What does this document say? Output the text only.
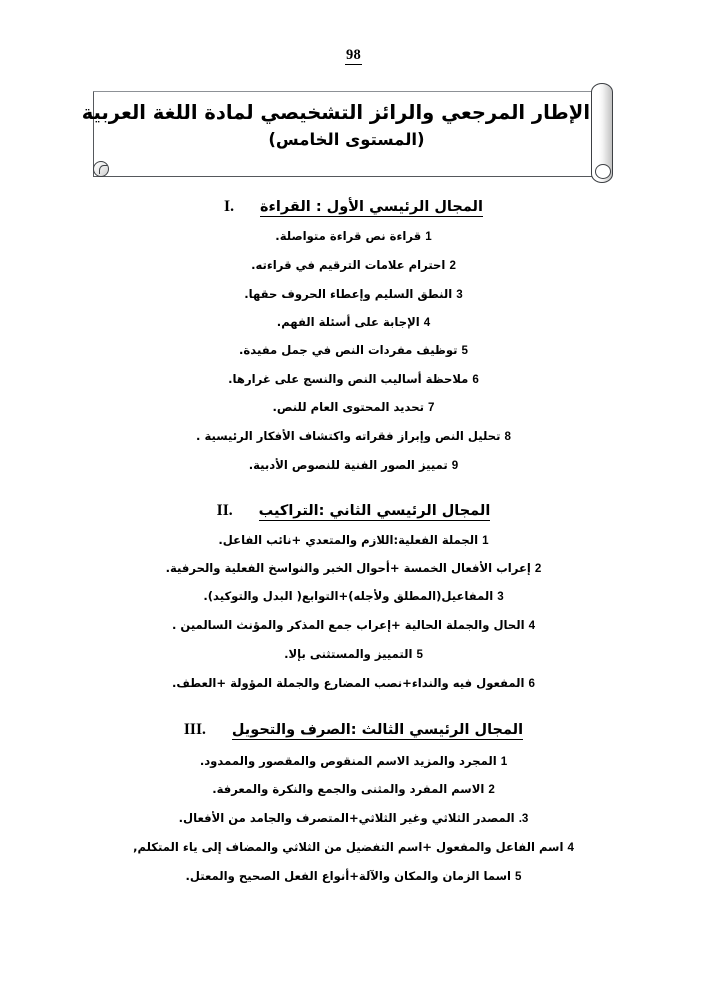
98
الإطار المرجعي والرائز التشخيصي لمادة اللغة العربية
(المستوى الخامس)
المجال الرئيسي الأول : القراءةI.
1 قراءة نص قراءة متواصلة.
2 احترام علامات الترقيم في قراءته.
3 النطق السليم وإعطاء الحروف حقها.
4 الإجابة على أسئلة الفهم.
5 توظيف مفردات النص في جمل مفيدة.
6 ملاحظة أساليب النص والنسج على غرارها.
7 تحديد المحتوى العام للنص.
8 تحليل النص وإبراز فقراته واكتشاف الأفكار الرئيسية .
9 تمييز الصور الفنية للنصوص الأدبية.
المجال الرئيسي الثاني :التراكيبII.
1 الجملة الفعلية:اللازم والمتعدي +نائب الفاعل.
2 إعراب الأفعال الخمسة +أحوال الخبر والنواسخ الفعلية والحرفية.
3 المفاعيل(المطلق ولأجله)+التوابع( البدل والتوكيد).
4 الحال والجملة الحالية +إعراب جمع المذكر والمؤنث السالمين .
5 التمييز والمستثنى بإلا.
6 المفعول فيه والنداء+نصب المضارع والجملة المؤولة +العطف.
المجال الرئيسي الثالث :الصرف والتحويلIII.
1 المجرد والمزيد الاسم المنقوص والمقصور والممدود.
2 الاسم المفرد والمثنى والجمع والنكرة والمعرفة.
.3 المصدر الثلاثي وغير الثلاثي+المتصرف والجامد من الأفعال.
4 اسم الفاعل والمفعول +اسم التفضيل من الثلاثي والمضاف إلى ياء المتكلم,
5 اسما الزمان والمكان والآلة+أنواع الفعل الصحيح والمعتل.
